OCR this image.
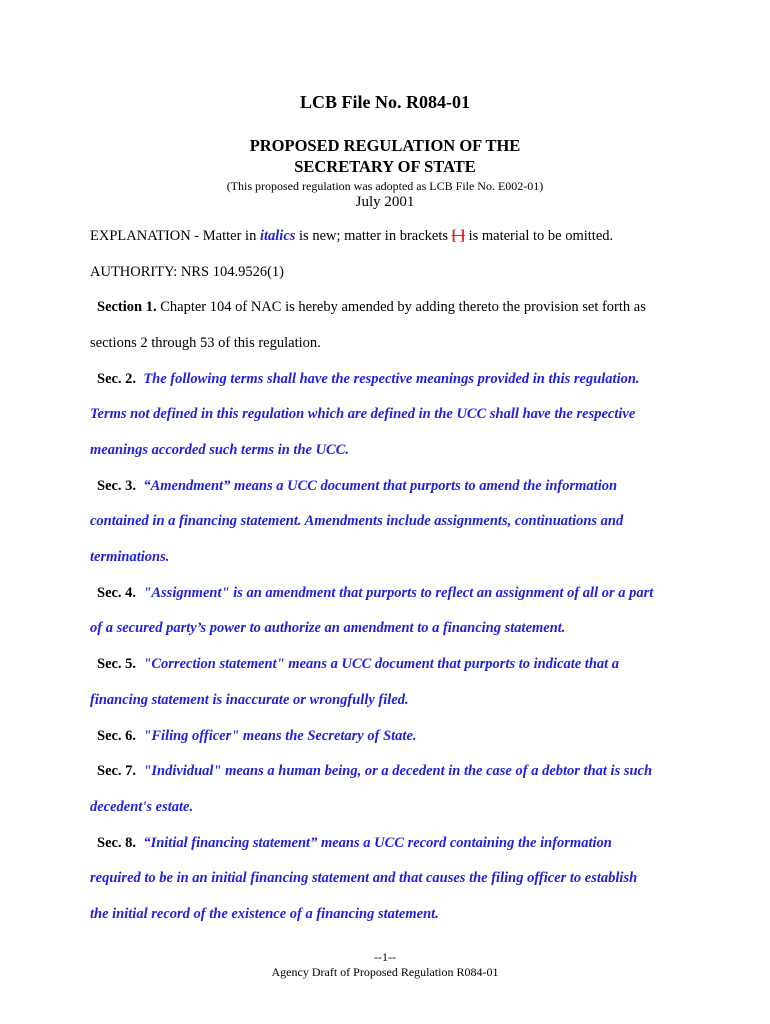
LCB File No. R084-01
PROPOSED REGULATION OF THE
SECRETARY OF STATE
(This proposed regulation was adopted as LCB File No. E002-01)
July 2001
EXPLANATION - Matter in italics is new; matter in brackets [ ] is material to be omitted.
AUTHORITY: NRS 104.9526(1)
Section 1. Chapter 104 of NAC is hereby amended by adding thereto the provision set forth as
sections 2 through 53 of this regulation.
Sec. 2. The following terms shall have the respective meanings provided in this regulation.
Terms not defined in this regulation which are defined in the UCC shall have the respective
meanings accorded such terms in the UCC.
Sec. 3. “Amendment” means a UCC document that purports to amend the information
contained in a financing statement. Amendments include assignments, continuations and
terminations.
Sec. 4. "Assignment" is an amendment that purports to reflect an assignment of all or a part
of a secured party’s power to authorize an amendment to a financing statement.
Sec. 5. "Correction statement" means a UCC document that purports to indicate that a
financing statement is inaccurate or wrongfully filed.
Sec. 6. "Filing officer" means the Secretary of State.
Sec. 7. "Individual" means a human being, or a decedent in the case of a debtor that is such
decedent's estate.
Sec. 8. “Initial financing statement” means a UCC record containing the information
required to be in an initial financing statement and that causes the filing officer to establish
the initial record of the existence of a financing statement.
--1--
Agency Draft of Proposed Regulation R084-01
